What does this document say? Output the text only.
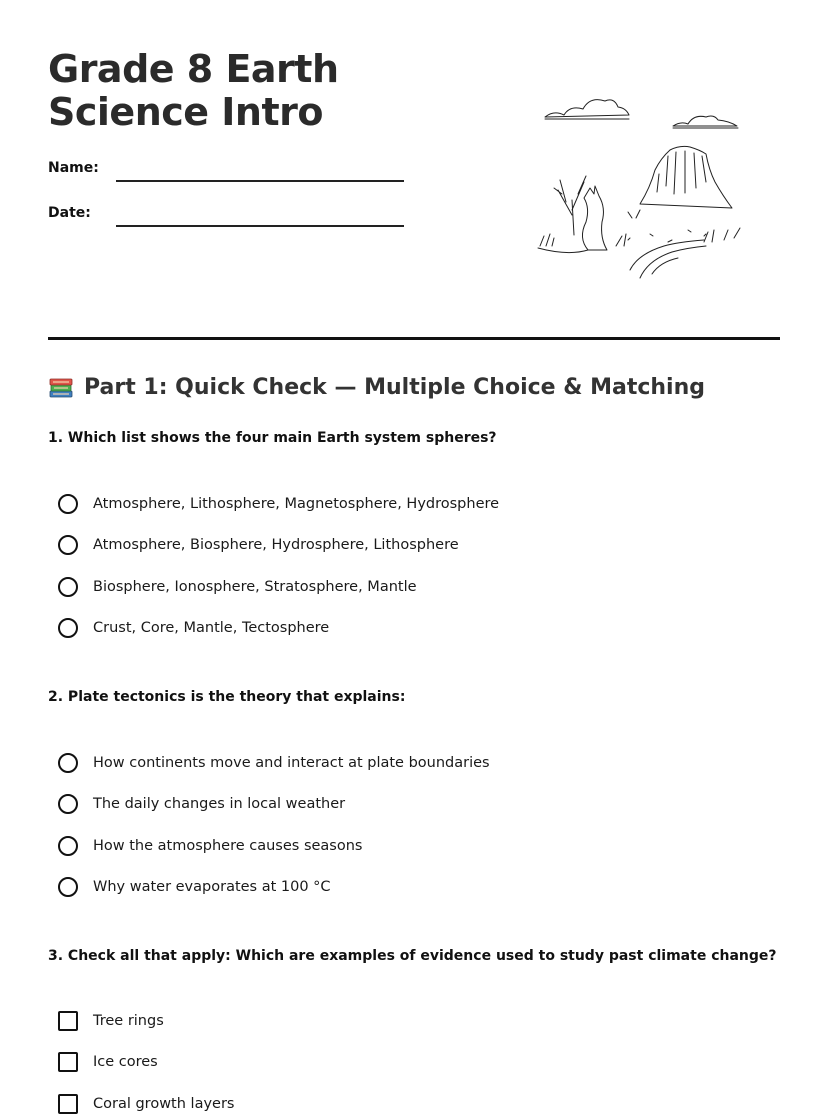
Grade 8 Earth Science Intro
Name:
Date:
Part 1: Quick Check — Multiple Choice & Matching
1. Which list shows the four main Earth system spheres?
Atmosphere, Lithosphere, Magnetosphere, Hydrosphere
Atmosphere, Biosphere, Hydrosphere, Lithosphere
Biosphere, Ionosphere, Stratosphere, Mantle
Crust, Core, Mantle, Tectosphere
2. Plate tectonics is the theory that explains:
How continents move and interact at plate boundaries
The daily changes in local weather
How the atmosphere causes seasons
Why water evaporates at 100 °C
3. Check all that apply: Which are examples of evidence used to study past climate change?
Tree rings
Ice cores
Coral growth layers
